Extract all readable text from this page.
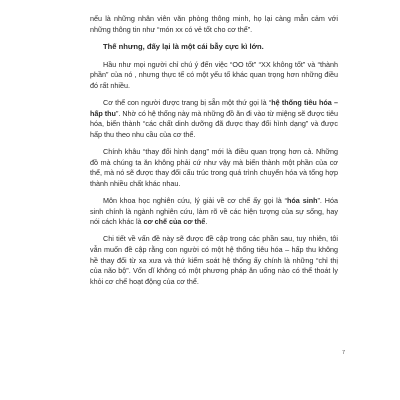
nếu là những nhân viên văn phòng thông minh, họ lại càng mẫn cảm với những thông tin như “món xx có vẻ tốt cho cơ thể”.

Thế nhưng, đấy lại là một cái bẫy cực kì lớn.

Hầu như mọi người chỉ chú ý đến việc “OO tốt” “XX không tốt” và “thành phần” của nó , nhưng thực tế có một yếu tố khác quan trọng hơn những điều đó rất nhiều.

Cơ thể con người được trang bị sẵn một thứ gọi là “hệ thống tiêu hóa – hấp thu”. Nhờ có hệ thống này mà những đồ ăn đi vào từ miệng sẽ được tiêu hóa, biến thành “các chất dinh dưỡng đã được thay đổi hình dạng” và được hấp thu theo nhu cầu của cơ thể.

Chính khâu “thay đổi hình dạng” mới là điều quan trọng hơn cả. Những đồ mà chúng ta ăn không phải cứ như vậy mà biến thành một phần của cơ thể, mà nó sẽ được thay đổi cấu trúc trong quá trình chuyển hóa và tổng hợp thành nhiều chất khác nhau.

Môn khoa học nghiên cứu, lý giải về cơ chế ấy gọi là “hóa sinh”. Hóa sinh chính là ngành nghiên cứu, làm rõ về các hiện tượng của sự sống, hay nói cách khác là cơ chế của cơ thể.

Chi tiết về vấn đề này sẽ được đề cập trong các phần sau, tuy nhiên, tôi vẫn muốn đề cập rằng con người có một hệ thống tiêu hóa – hấp thu không hề thay đổi từ xa xưa và thứ kiểm soát hệ thống ấy chính là những “chỉ thị của não bộ”. Vốn dĩ không có một phương pháp ăn uống nào có thể thoát ly khỏi cơ chế hoạt động của cơ thể.

7
